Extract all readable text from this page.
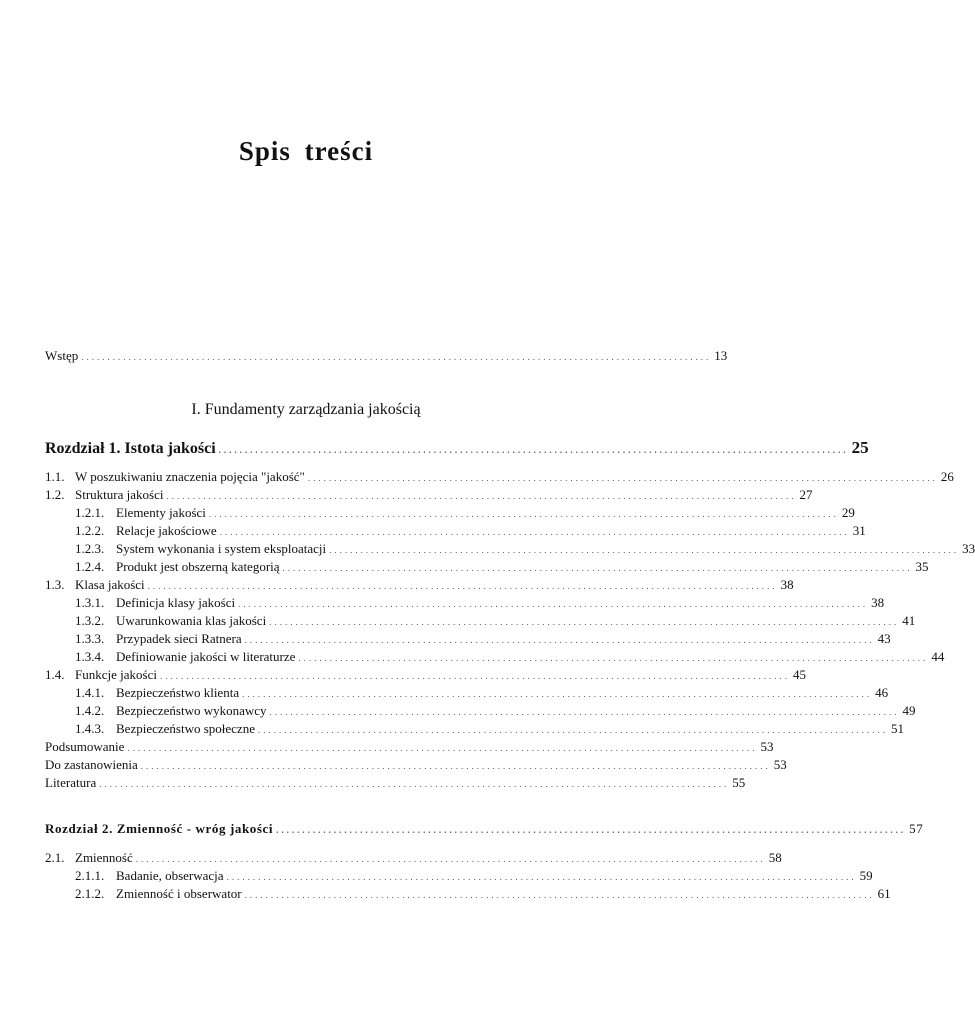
Spis treści
Wstęp ........................................................................................................................ 13
I. Fundamenty zarządzania jakością
Rozdział 1. Istota jakości ........................................................................................................................ 25
1.1. W poszukiwaniu znaczenia pojęcia "jakość" ........................................................................................................................ 26
1.2. Struktura jakości ........................................................................................................................ 27
1.2.1. Elementy jakości ........................................................................................................................ 29
1.2.2. Relacje jakościowe ........................................................................................................................ 31
1.2.3. System wykonania i system eksploatacji ........................................................................................................................ 33
1.2.4. Produkt jest obszerną kategorią ........................................................................................................................ 35
1.3. Klasa jakości ........................................................................................................................ 38
1.3.1. Definicja klasy jakości ........................................................................................................................ 38
1.3.2. Uwarunkowania klas jakości ........................................................................................................................ 41
1.3.3. Przypadek sieci Ratnera ........................................................................................................................ 43
1.3.4. Definiowanie jakości w literaturze ........................................................................................................................ 44
1.4. Funkcje jakości ........................................................................................................................ 45
1.4.1. Bezpieczeństwo klienta ........................................................................................................................ 46
1.4.2. Bezpieczeństwo wykonawcy ........................................................................................................................ 49
1.4.3. Bezpieczeństwo społeczne ........................................................................................................................ 51
Podsumowanie ........................................................................................................................ 53
Do zastanowienia ........................................................................................................................ 53
Literatura ........................................................................................................................ 55
Rozdział 2. Zmienność - wróg jakości ........................................................................................................................ 57
2.1. Zmienność ........................................................................................................................ 58
2.1.1. Badanie, obserwacja ........................................................................................................................ 59
2.1.2. Zmienność i obserwator ........................................................................................................................ 61
